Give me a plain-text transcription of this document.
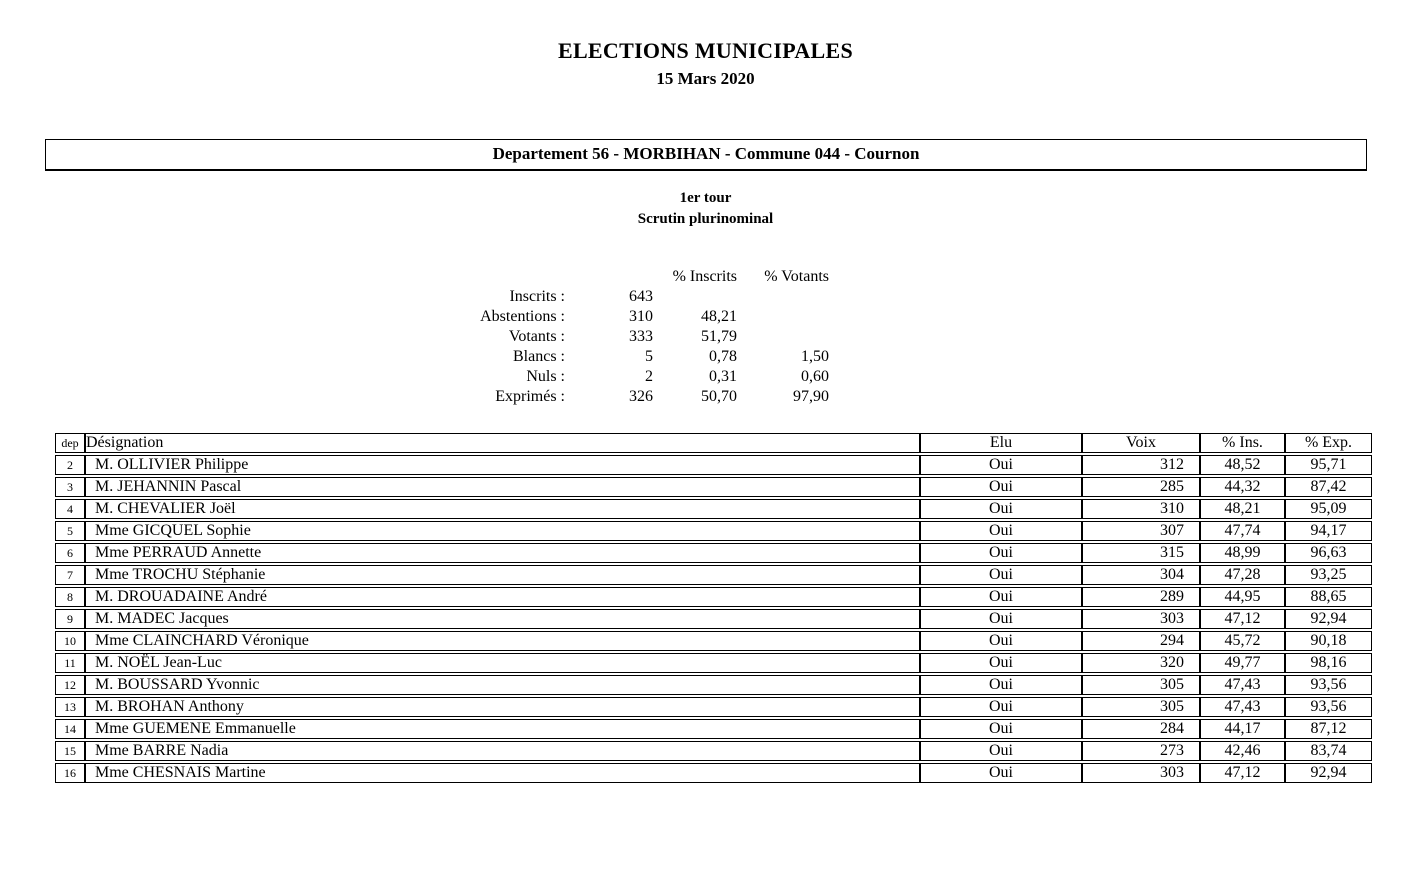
ELECTIONS MUNICIPALES
15 Mars 2020
Departement 56 - MORBIHAN - Commune 044 - Cournon
1er tour
Scrutin plurinominal
		% Inscrits	% Votants
Inscrits :	643		
Abstentions :	310	48,21	
Votants :	333	51,79	
Blancs :	5	0,78	1,50
Nuls :	2	0,31	0,60
Exprimés :	326	50,70	97,90
dep	Désignation	Elu	Voix	% Ins.	% Exp.
2	M. OLLIVIER Philippe	Oui	312	48,52	95,71
3	M. JEHANNIN Pascal	Oui	285	44,32	87,42
4	M. CHEVALIER Joël	Oui	310	48,21	95,09
5	Mme GICQUEL Sophie	Oui	307	47,74	94,17
6	Mme PERRAUD Annette	Oui	315	48,99	96,63
7	Mme TROCHU Stéphanie	Oui	304	47,28	93,25
8	M. DROUADAINE André	Oui	289	44,95	88,65
9	M. MADEC Jacques	Oui	303	47,12	92,94
10	Mme CLAINCHARD Véronique	Oui	294	45,72	90,18
11	M. NOËL Jean-Luc	Oui	320	49,77	98,16
12	M. BOUSSARD Yvonnic	Oui	305	47,43	93,56
13	M. BROHAN Anthony	Oui	305	47,43	93,56
14	Mme GUEMENE Emmanuelle	Oui	284	44,17	87,12
15	Mme BARRE Nadia	Oui	273	42,46	83,74
16	Mme CHESNAIS Martine	Oui	303	47,12	92,94
